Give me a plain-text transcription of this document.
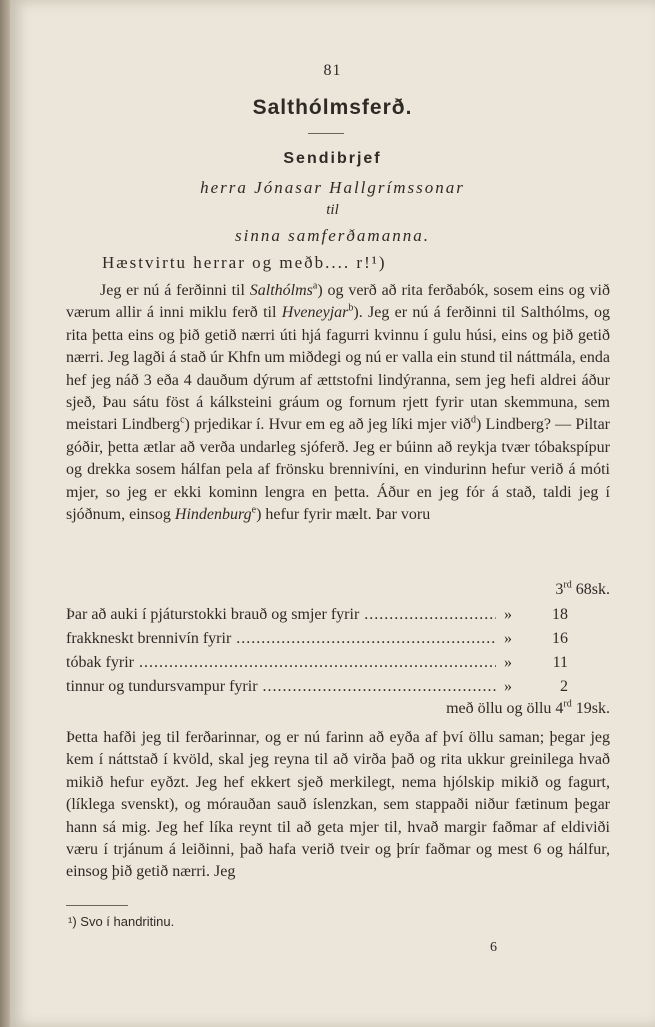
81
Salthólmsferð.
Sendibrjef
herra Jónasar Hallgrímssonar
til
sinna samferðamanna.
Hæstvirtu herrar og meðb.... r!¹)

Jeg er nú á ferðinni til Salthólms$^a$) og verð að rita ferðabók, sosem eins og við værum allir á inni miklu ferð til Hveneyjar$^b$). Jeg er nú á ferðinni til Salthólms, og rita þetta eins og þið getið nærri úti hjá fagurri kvinnu í gulu húsi, eins og þið getið nærri. Jeg lagði á stað úr Khfn um miðdegi og nú er valla ein stund til náttmála, enda hef jeg náð 3 eða 4 dauðum dýrum af ættstofni lindýranna, sem jeg hefi aldrei áður sjeð, Þau sátu föst á kálksteini gráum og fornum rjett fyrir utan skemmuna, sem meistari Lindberg$^c$) prjedikar í. Hvur em eg að jeg líki mjer við$^d$) Lindberg? — Piltar góðir, þetta ætlar að verða undarleg sjóferð. Jeg er búinn að reykja tvær tóbakspípur og drekka sosem hálfan pela af frönsku brennivíni, en vindurinn hefur verið á móti mjer, so jeg er ekki kominn lengra en þetta. Áður en jeg fór á stað, taldi jeg í sjóðnum, einsog Hindenburg$^e$) hefur fyrir mælt. Þar voru

3rd 68sk.
Þar að auki í pjáturstokki brauð og smjer fyrir .....	»	18
frakkneskt brennivín fyrir .....	»	16
tóbak fyrir .....	»	11
tinnur og tundursvampur fyrir .....	»	2
með öllu og öllu 4rd 19sk.

Þetta hafði jeg til ferðarinnar, og er nú farinn að eyða af því öllu saman; þegar jeg kem í náttstað í kvöld, skal jeg reyna til að virða það og rita ukkur greinilega hvað mikið hefur eyðzt. Jeg hef ekkert sjeð merkilegt, nema hjólskip mikið og fagurt, (líklega svenskt), og mórauðan sauð íslenzkan, sem stappaði niður fætinum þegar hann sá mig. Jeg hef líka reynt til að geta mjer til, hvað margir faðmar af eldiviði væru í trjánum á leiðinni, það hafa verið tveir og þrír faðmar og mest 6 og hálfur, einsog þið getið nærri. Jeg

¹) Svo í handritinu.
6
